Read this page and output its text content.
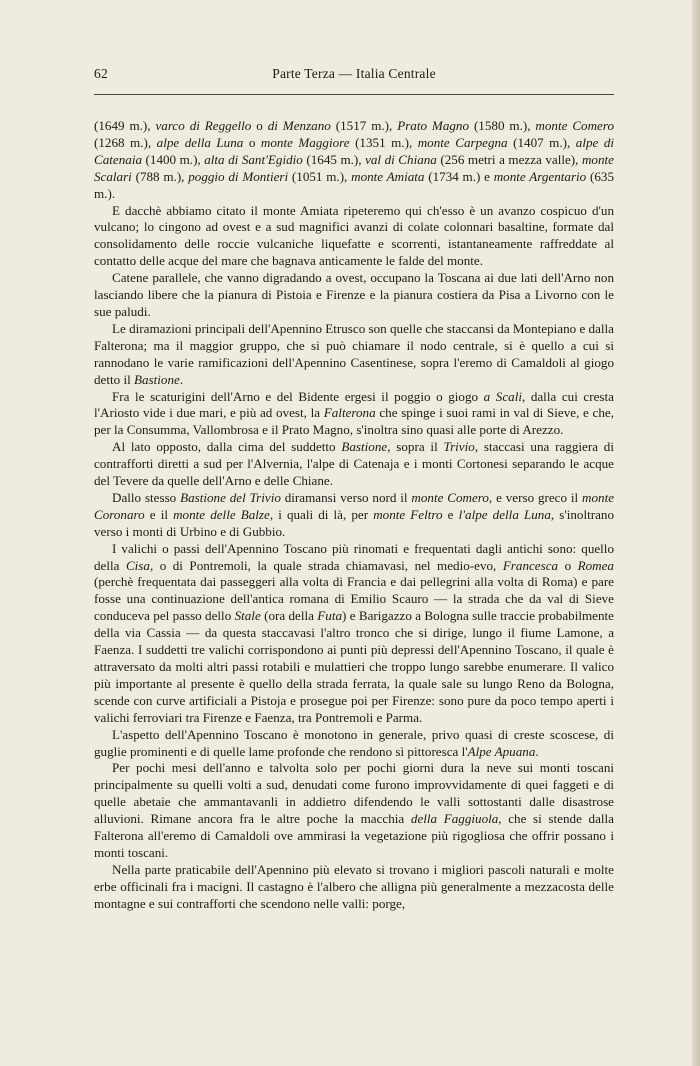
62	Parte Terza — Italia Centrale

(1649 m.), varco di Reggello o di Menzano (1517 m.), Prato Magno (1580 m.), monte Comero (1268 m.), alpe della Luna o monte Maggiore (1351 m.), monte Carpegna (1407 m.), alpe di Catenaia (1400 m.), alta di Sant'Egidio (1645 m.), val di Chiana (256 metri a mezza valle), monte Scalari (788 m.), poggio di Montieri (1051 m.), monte Amiata (1734 m.) e monte Argentario (635 m.).

E dacchè abbiamo citato il monte Amiata ripeteremo qui ch'esso è un avanzo cospicuo d'un vulcano; lo cingono ad ovest e a sud magnifici avanzi di colate colonnari basaltine, formate dal consolidamento delle roccie vulcaniche liquefatte e scorrenti, istantaneamente raffreddate al contatto delle acque del mare che bagnava anticamente le falde del monte.

Catene parallele, che vanno digradando a ovest, occupano la Toscana ai due lati dell'Arno non lasciando libere che la pianura di Pistoia e Firenze e la pianura costiera da Pisa a Livorno con le sue paludi.

Le diramazioni principali dell'Apennino Etrusco son quelle che staccansi da Montepiano e dalla Falterona; ma il maggior gruppo, che si può chiamare il nodo centrale, si è quello a cui si rannodano le varie ramificazioni dell'Apennino Casentinese, sopra l'eremo di Camaldoli al giogo detto il Bastione.

Fra le scaturigini dell'Arno e del Bidente ergesi il poggio o giogo a Scali, dalla cui cresta l'Ariosto vide i due mari, e più ad ovest, la Falterona che spinge i suoi rami in val di Sieve, e che, per la Consumma, Vallombrosa e il Prato Magno, s'inoltra sino quasi alle porte di Arezzo.

Al lato opposto, dalla cima del suddetto Bastione, sopra il Trivio, staccasi una raggiera di contrafforti diretti a sud per l'Alvernia, l'alpe di Catenaja e i monti Cortonesi separando le acque del Tevere da quelle dell'Arno e delle Chiane.

Dallo stesso Bastione del Trivio diramansi verso nord il monte Comero, e verso greco il monte Coronaro e il monte delle Balze, i quali di là, per monte Feltro e l'alpe della Luna, s'inoltrano verso i monti di Urbino e di Gubbio.

I valichi o passi dell'Apennino Toscano più rinomati e frequentati dagli antichi sono: quello della Cisa, o di Pontremoli, la quale strada chiamavasi, nel medio-evo, Francesca o Romea (perchè frequentata dai passeggeri alla volta di Francia e dai pellegrini alla volta di Roma) e pare fosse una continuazione dell'antica romana di Emilio Scauro — la strada che da val di Sieve conduceva pel passo dello Stale (ora della Futa) e Barigazzo a Bologna sulle traccie probabilmente della via Cassia — da questa staccavasi l'altro tronco che si dirige, lungo il fiume Lamone, a Faenza. I suddetti tre valichi corrispondono ai punti più depressi dell'Apennino Toscano, il quale è attraversato da molti altri passi rotabili e mulattieri che troppo lungo sarebbe enumerare. Il valico più importante al presente è quello della strada ferrata, la quale sale su lungo Reno da Bologna, scende con curve artificiali a Pistoja e prosegue poi per Firenze: sono pure da poco tempo aperti i valichi ferroviari tra Firenze e Faenza, tra Pontremoli e Parma.

L'aspetto dell'Apennino Toscano è monotono in generale, privo quasi di creste scoscese, di guglie prominenti e di quelle lame profonde che rendono sì pittoresca l'Alpe Apuana.

Per pochi mesi dell'anno e talvolta solo per pochi giorni dura la neve sui monti toscani principalmente su quelli volti a sud, denudati come furono improvvidamente di quei faggeti e di quelle abetaie che ammantavanli in addietro difendendo le valli sottostanti dalle disastrose alluvioni. Rimane ancora fra le altre poche la macchia della Faggiuola, che si stende dalla Falterona all'eremo di Camaldoli ove ammirasi la vegetazione più rigogliosa che offrir possano i monti toscani.

Nella parte praticabile dell'Apennino più elevato si trovano i migliori pascoli naturali e molte erbe officinali fra i macigni. Il castagno è l'albero che alligna più generalmente a mezzacosta delle montagne e sui contrafforti che scendono nelle valli: porge,
